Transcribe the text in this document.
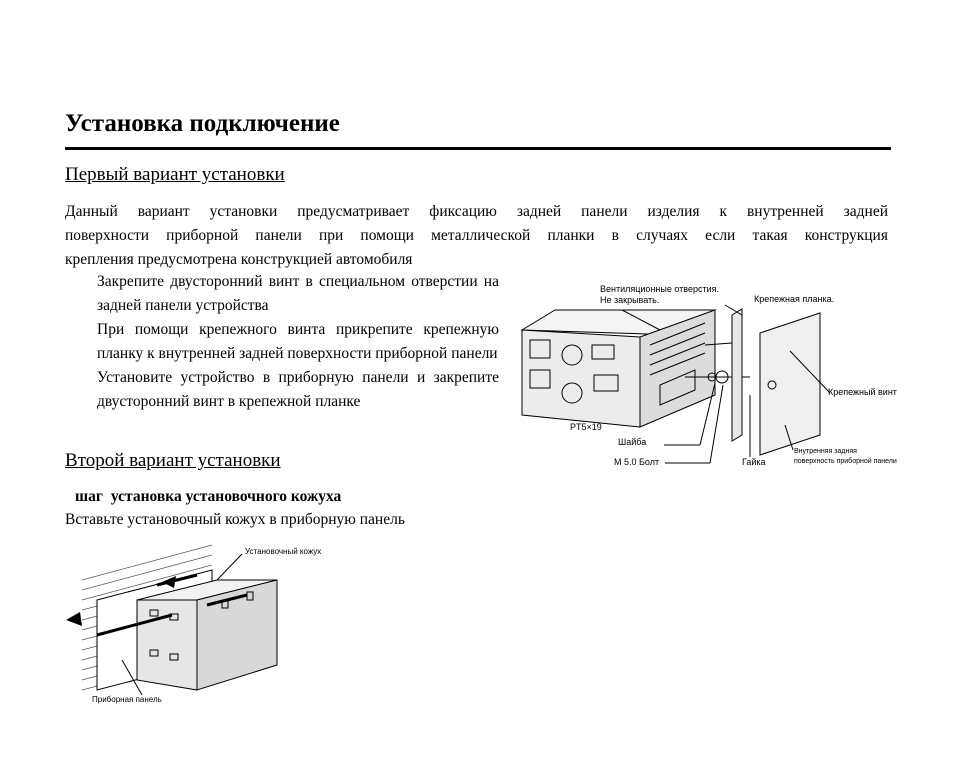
Установка подключение
Первый вариант установки

Данный вариант установки предусматривает фиксацию задней панели изделия к внутренней задней

поверхности приборной панели при помощи металлической планки в случаях если такая конструкция

крепления предусмотрена конструкцией автомобиля

Закрепите двусторонний винт в специальном отверстии на задней панели устройства

При помощи крепежного винта прикрепите крепежную планку к внутренней задней поверхности приборной панели

Установите устройство в приборную панели и закрепите двусторонний винт в крепежной планке

Вентиляционные отверстия.
Не закрывать.	Крепежная планка.
Крепежный винт
PT5×19
Шайба
M 5.0 Болт	Гайка
Внутренняя задняя
поверхность приборной панели
Второй вариант установки
шаг установка установочного кожуха
Вставьте установочный кожух в приборную панель
Установочный кожух
Приборная панель
